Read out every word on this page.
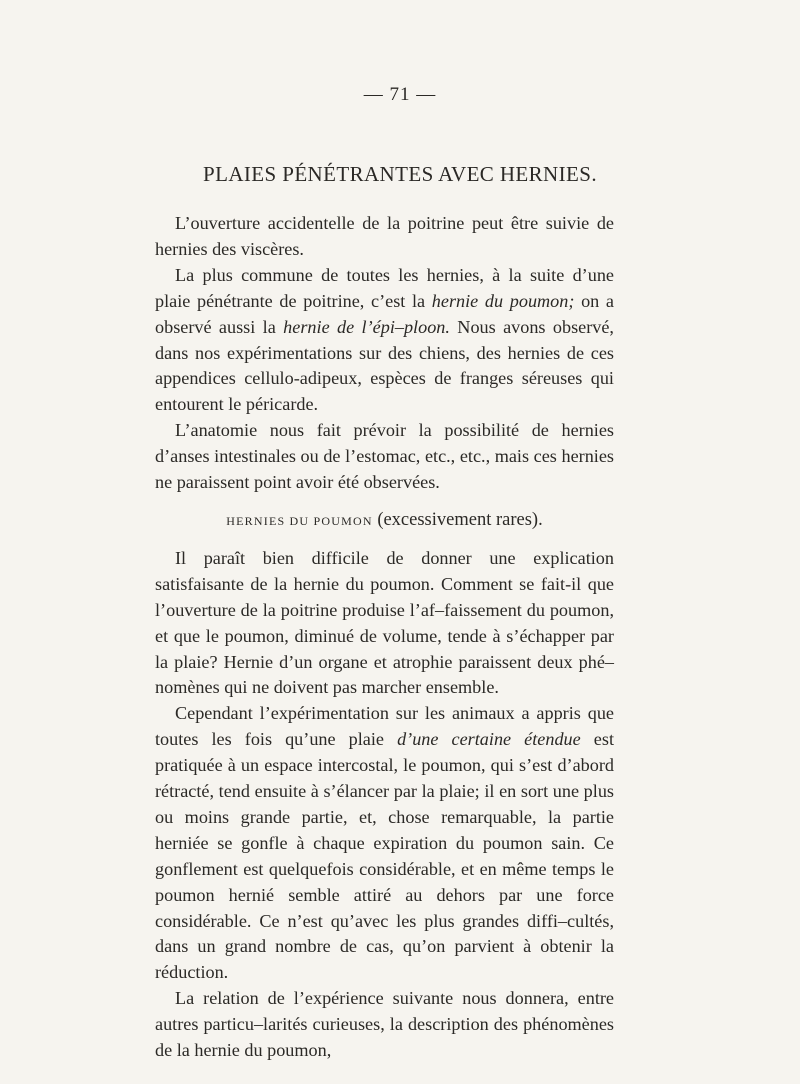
— 71 —
PLAIES PÉNÉTRANTES AVEC HERNIES.

L’ouverture accidentelle de la poitrine peut être suivie de hernies des viscères.

La plus commune de toutes les hernies, à la suite d’une plaie pénétrante de poitrine, c’est la hernie du poumon; on a observé aussi la hernie de l’épi–ploon. Nous avons observé, dans nos expérimentations sur des chiens, des hernies de ces appendices cellulo-adipeux, espèces de franges séreuses qui entourent le péricarde.

L’anatomie nous fait prévoir la possibilité de hernies d’anses intestinales ou de l’estomac, etc., etc., mais ces hernies ne paraissent point avoir été observées.

HERNIES DU POUMON (excessivement rares).

Il paraît bien difficile de donner une explication satisfaisante de la hernie du poumon. Comment se fait-il que l’ouverture de la poitrine produise l’af–faissement du poumon, et que le poumon, diminué de volume, tende à s’échapper par la plaie? Hernie d’un organe et atrophie paraissent deux phé–nomènes qui ne doivent pas marcher ensemble.

Cependant l’expérimentation sur les animaux a appris que toutes les fois qu’une plaie d’une certaine étendue est pratiquée à un espace intercostal, le poumon, qui s’est d’abord rétracté, tend ensuite à s’élancer par la plaie; il en sort une plus ou moins grande partie, et, chose remarquable, la partie herniée se gonfle à chaque expiration du poumon sain. Ce gonflement est quelquefois considérable, et en même temps le poumon hernié semble attiré au dehors par une force considérable. Ce n’est qu’avec les plus grandes diffi–cultés, dans un grand nombre de cas, qu’on parvient à obtenir la réduction.

La relation de l’expérience suivante nous donnera, entre autres particu–larités curieuses, la description des phénomènes de la hernie du poumon,
